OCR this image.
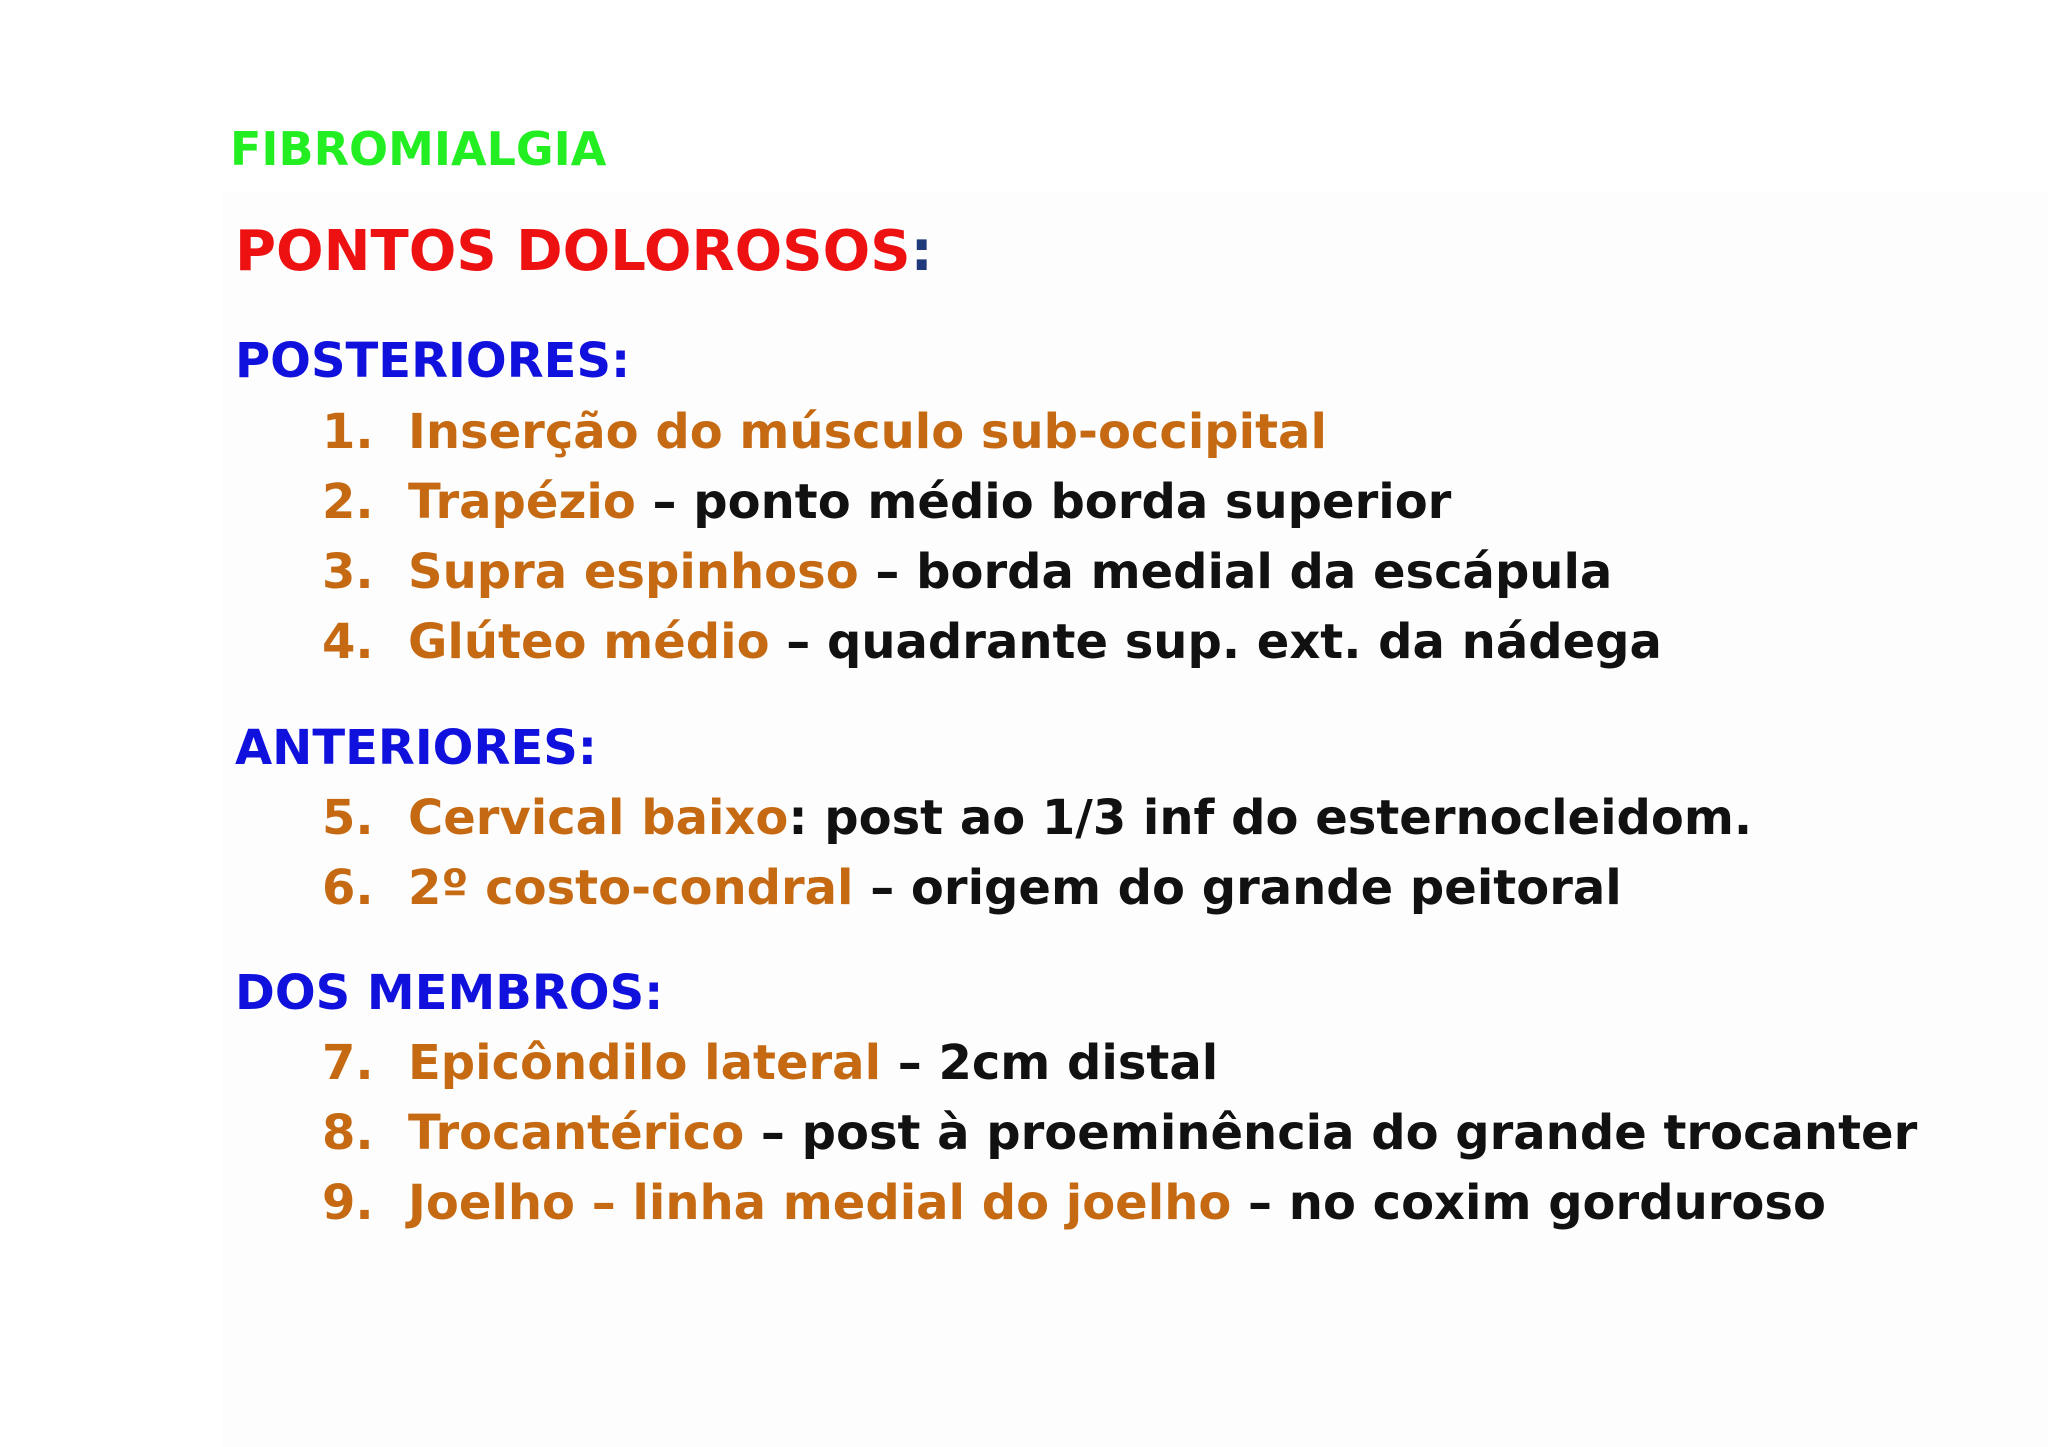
FIBROMIALGIA
PONTOS DOLOROSOS:
POSTERIORES:
1. Inserção do músculo sub-occipital
2. Trapézio – ponto médio borda superior
3. Supra espinhoso – borda medial da escápula
4. Glúteo médio – quadrante sup. ext. da nádega
ANTERIORES:
5. Cervical baixo: post ao 1/3 inf do esternocleidom.
6. 2º costo-condral – origem do grande peitoral
DOS MEMBROS:
7. Epicôndilo lateral – 2cm distal
8. Trocantérico – post à proeminência do grande trocanter
9. Joelho – linha medial do joelho – no coxim gorduroso
